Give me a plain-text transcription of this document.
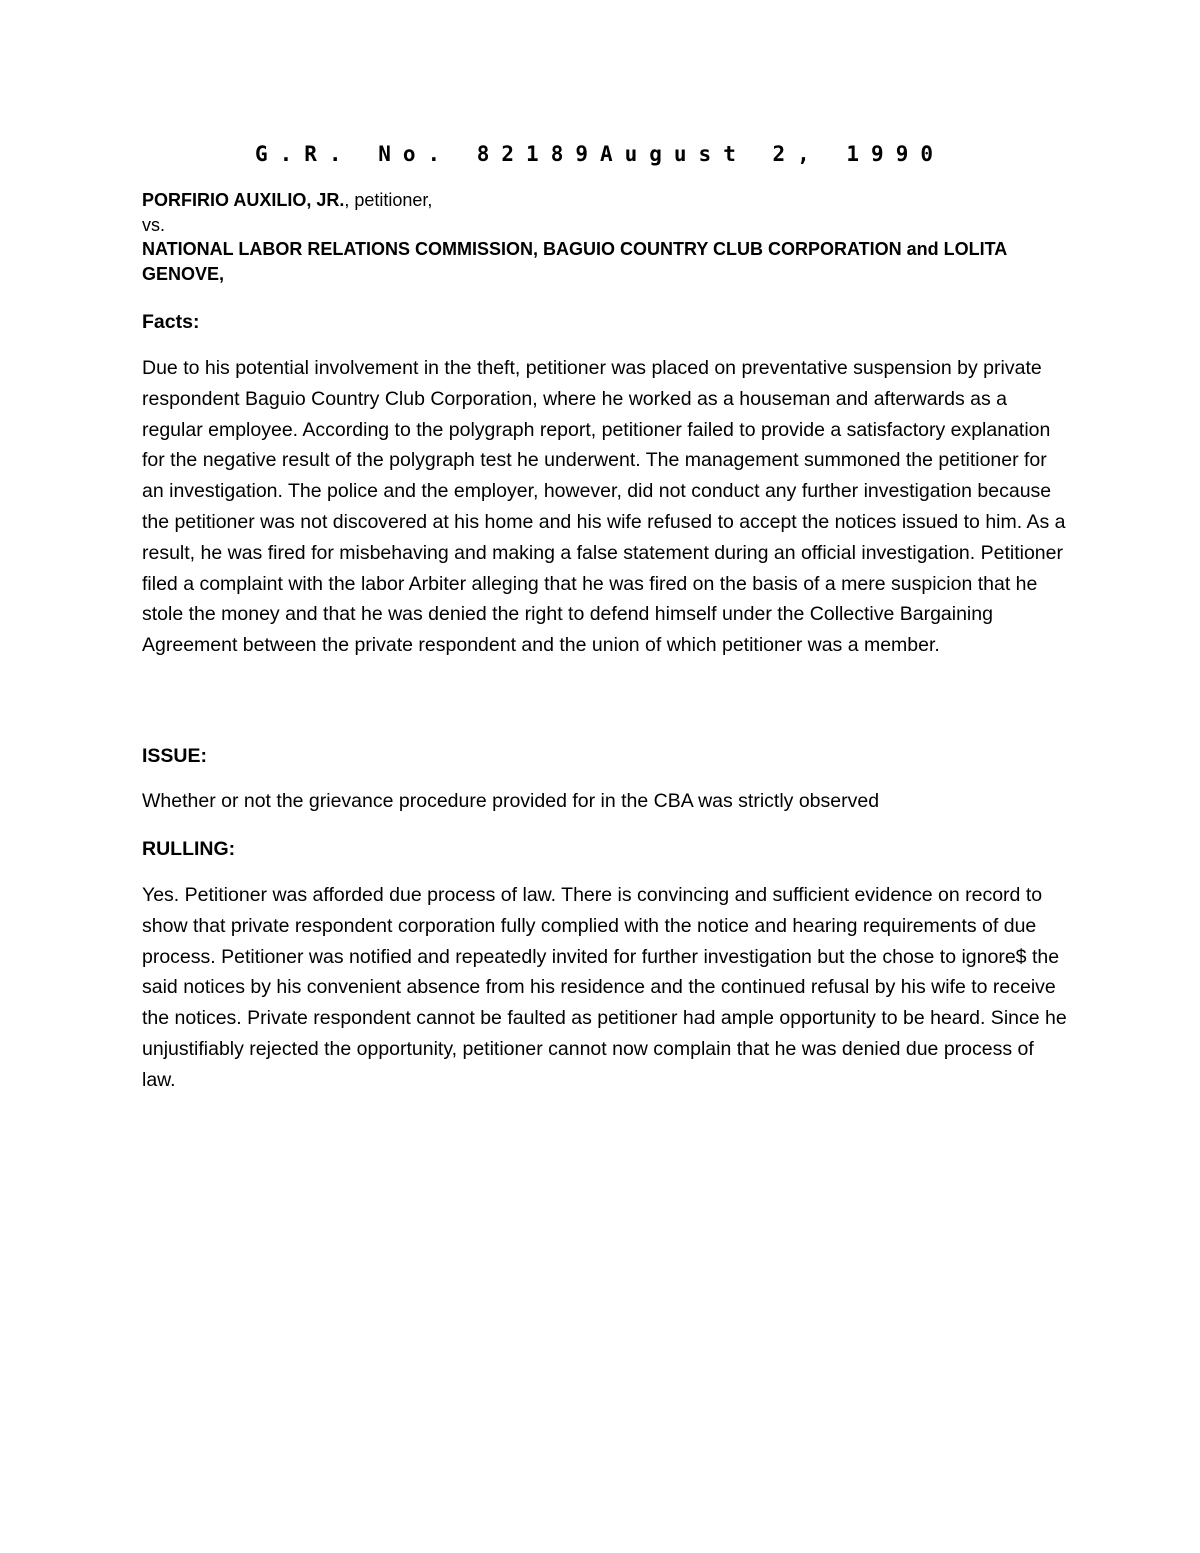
G.R. No. 82189August 2, 1990
PORFIRIO AUXILIO, JR., petitioner,
vs.
NATIONAL LABOR RELATIONS COMMISSION, BAGUIO COUNTRY CLUB CORPORATION and LOLITA GENOVE,
Facts:

Due to his potential involvement in the theft, petitioner was placed on preventative suspension by private respondent Baguio Country Club Corporation, where he worked as a houseman and afterwards as a regular employee. According to the polygraph report, petitioner failed to provide a satisfactory explanation for the negative result of the polygraph test he underwent. The management summoned the petitioner for an investigation. The police and the employer, however, did not conduct any further investigation because the petitioner was not discovered at his home and his wife refused to accept the notices issued to him. As a result, he was fired for misbehaving and making a false statement during an official investigation. Petitioner filed a complaint with the labor Arbiter alleging that he was fired on the basis of a mere suspicion that he stole the money and that he was denied the right to defend himself under the Collective Bargaining Agreement between the private respondent and the union of which petitioner was a member.

ISSUE:

Whether or not the grievance procedure provided for in the CBA was strictly observed

RULLING:

Yes. Petitioner was afforded due process of law. There is convincing and sufficient evidence on record to show that private respondent corporation fully complied with the notice and hearing requirements of due process. Petitioner was notified and repeatedly invited for further investigation but the chose to ignore$ the said notices by his convenient absence from his residence and the continued refusal by his wife to receive the notices. Private respondent cannot be faulted as petitioner had ample opportunity to be heard. Since he unjustifiably rejected the opportunity, petitioner cannot now complain that he was denied due process of law.
